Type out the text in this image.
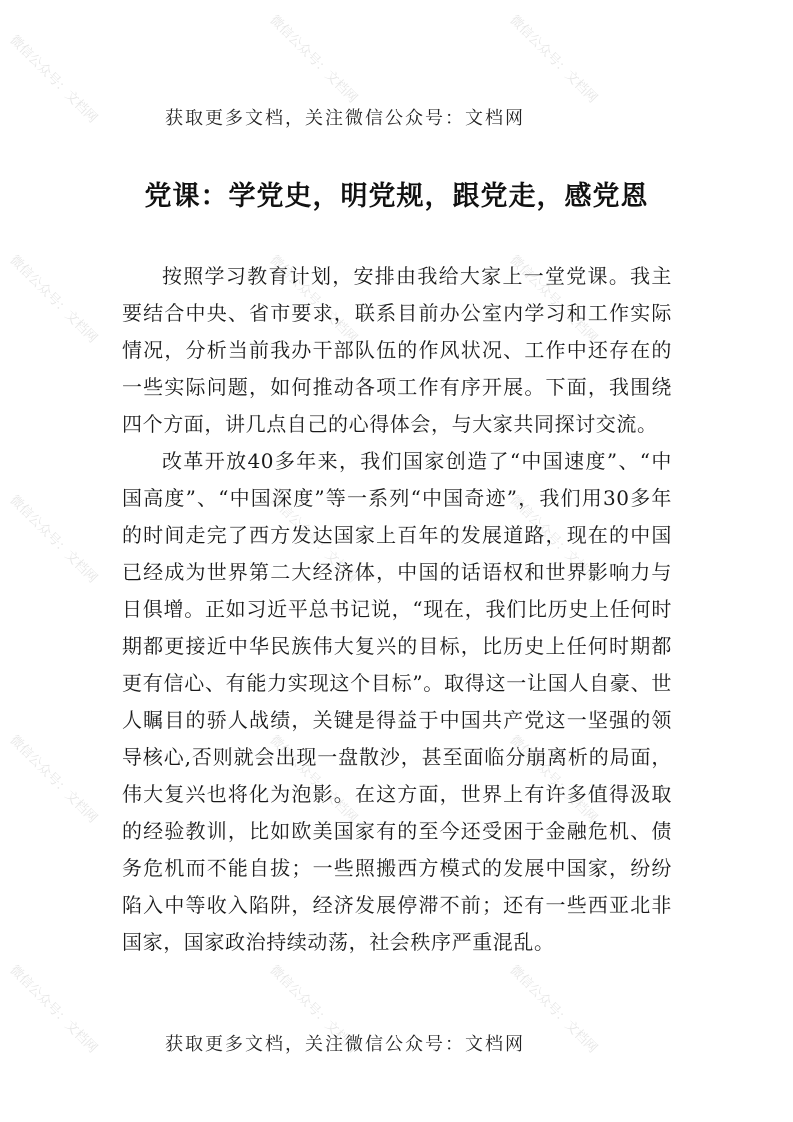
微信公众号：文档网	微信公众号：文档网	微信公众号：文档网
微信公众号：文档网	微信公众号：文档网	微信公众号：文档网
微信公众号：文档网	微信公众号：文档网	微信公众号：文档网
微信公众号：文档网	微信公众号：文档网	微信公众号：文档网
微信公众号：文档网	微信公众号：文档网	微信公众号：文档网
获取更多文档，关注微信公众号：文档网
党课：学党史，明党规，跟党走，感党恩

按照学习教育计划，安排由我给大家上一堂党课。我主要结合中央、省市要求，联系目前办公室内学习和工作实际情况，分析当前我办干部队伍的作风状况、工作中还存在的一些实际问题，如何推动各项工作有序开展。下面，我围绕四个方面，讲几点自己的心得体会，与大家共同探讨交流。

改革开放40多年来，我们国家创造了“中国速度”、“中国高度”、“中国深度”等一系列“中国奇迹”，我们用30多年的时间走完了西方发达国家上百年的发展道路，现在的中国已经成为世界第二大经济体，中国的话语权和世界影响力与日俱增。正如习近平总书记说，“现在，我们比历史上任何时期都更接近中华民族伟大复兴的目标，比历史上任何时期都更有信心、有能力实现这个目标”。取得这一让国人自豪、世人瞩目的骄人战绩，关键是得益于中国共产党这一坚强的领导核心,否则就会出现一盘散沙，甚至面临分崩离析的局面，伟大复兴也将化为泡影。在这方面，世界上有许多值得汲取的经验教训，比如欧美国家有的至今还受困于金融危机、债务危机而不能自拔；一些照搬西方模式的发展中国家，纷纷陷入中等收入陷阱，经济发展停滞不前；还有一些西亚北非国家，国家政治持续动荡，社会秩序严重混乱。

获取更多文档，关注微信公众号：文档网
